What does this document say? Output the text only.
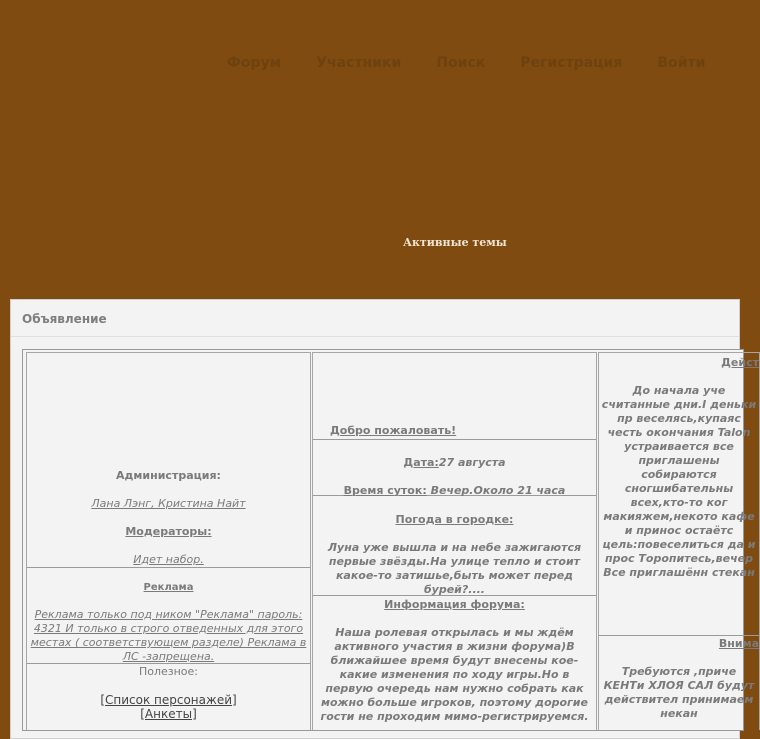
Форум	Участники	Поиск	Регистрация	Войти
Активные темы
Объявление
Администрация:
Лана Лэнг, Кристина Найт
Модераторы:
Идет набор.
Реклама
Реклама только под ником "Реклама" пароль: 4321 И только в строго отведенных для этого местах ( соответствующем разделе) Реклама в ЛС -запрещена.
Полезное:
[Список персонажей]
[Анкеты]
Добро пожаловать!
Дата:27 августа
Время суток: Вечер.Около 21 часа
Погода в городке:
Луна уже вышла и на небе зажигаются первые звёзды.На улице тепло и стоит какое-то затишье,быть может перед бурей?....
Информация форума:
Наша ролевая открылась и мы ждём активного участия в жизни форума)В ближайшее время будут внесены кое-какие изменения по ходу игры.Но в первую очередь нам нужно собрать как можно больше игроков, поэтому дорогие гости не проходим мимо-регистрируемся.
Дейст
До начала уче считанные дни.І деньки пр веселясь,купаяс честь окончания Talon устраивается все приглашены собираются сногшибательны всех,кто-то ког макияжем,некото кафе и принос остаётс цель:повеселиться да и прос Торопитесь,вечер Все приглашённ стекан
Внима
Требуются ,приче КЕНТи ХЛОЯ САЛ будут действител принимаем некан
